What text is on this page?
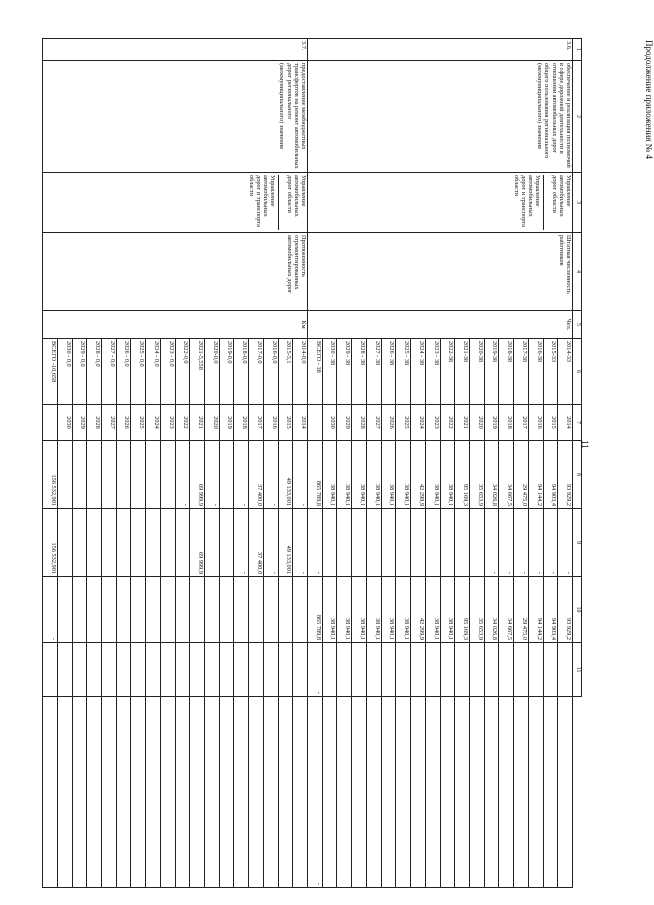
Продолжение приложения № 4
11
1	2	3	4	5	6	7	8	9	10	11	
3.6.	обеспечение и реализация полномочий в сфере дорожной деятельности в отношении автомобильных дорог общего пользования регионального (межмуниципального) значения	Управление автомобильных дорог области
Управление автомобильных дорог и транспорта области	Штатная численность работников	Чел.	2014-33	2014	93 929,2	-	93 929,2		
					2015-33	2015	94 903,4	-	94 903,4		
					2016-38	2016	94 144,2	-	94 144,2		
					2017-38	2017	29 475,0	-	29 475,0		
					2018-38	2018	34 667,5	-	34 667,5		
					2019-38	2019	34 026,8	-	34 026,8		
					2020-38	2020	35 653,9		35 653,9		
					2021-38	2021	95 169,3		95 169,3		
					2022-38	2022	38 940,1		38 940,1		
					2023 - 38	2023	38 940,1		38 940,1		
					2024 - 38	2024	42 299,9		42 299,9		
					2025 - 38	2025	38 940,1		38 940,1		
					2026 - 38	2026	38 940,1		38 940,1		
					2027 - 38	2027	38 940,1		38 940,1		
					2028 - 38	2028	38 940,1		38 940,1		
					2029 - 38	2029	38 940,1		38 940,1		
					2030 - 38	2030	38 940,1		38 940,1		
					ВСЕГО - 38		865 789,8	-	865 789,8	-	-
3.7.	предоставление межбюджетных трансфертов на ремонт автомобильных дорог регионального (межмуниципального) значения	Управление автомобильных дорог области
Управление автомобильных дорог и транспорта области	Протяженность отремонтированных автомобильных дорог	Км	2014-0,0	2014	-	-			
					2015-5,1	2015	49 133,001	49 133,001			
					2016-0,0	2016	-	-			
					2017-0,0	2017	37 400,0	37 400,0			
					2018-0,0	2018	-	-			
					2019-0,0	2019					
					2020-0,0	2020	-				
					2021-5,558	2021	69 999,9	69 999,9			
					2022-0,0	2022	-				
					2023 - 0,0	2023					
					2024 - 0,0	2024					
					2025 - 0,0	2025					
					2026 - 0,0	2026					
					2027 - 0,0	2027					
					2028 - 0,0	2028					
					2029 - 0,0	2029					
					2030 - 0,0	2030					
					ВСЕГО -10,658		156 532,901	156 532,901	-		
